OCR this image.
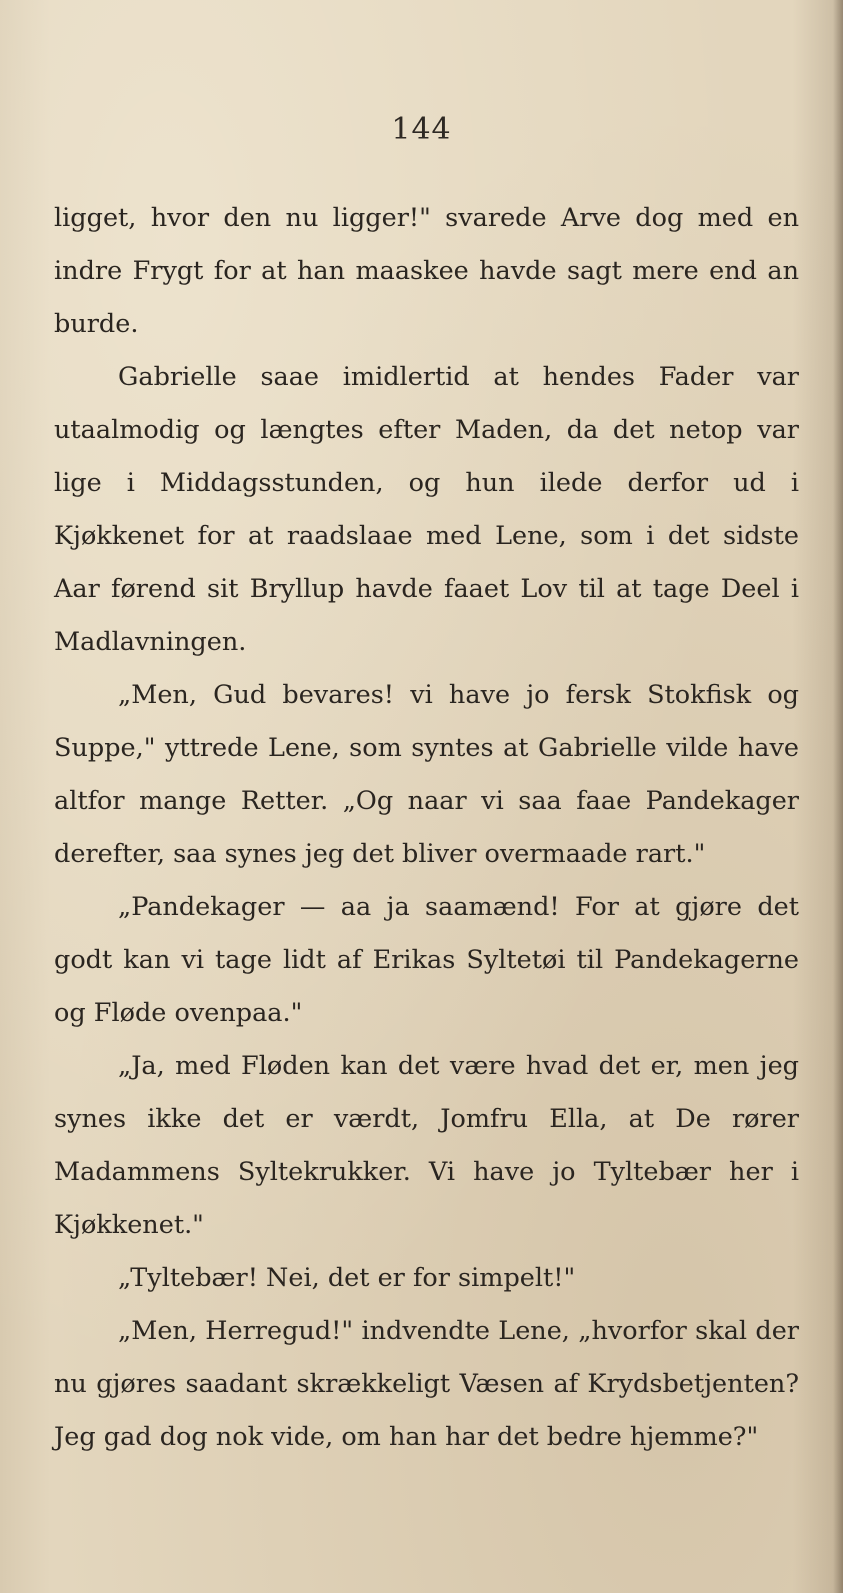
144

ligget, hvor den nu ligger!" svarede Arve dog med en indre Frygt for at han maaskee havde sagt mere end an burde.

Gabrielle saae imidlertid at hendes Fader var utaalmodig og længtes efter Maden, da det netop var lige i Middagsstunden, og hun ilede derfor ud i Kjøkkenet for at raadslaae med Lene, som i det sidste Aar førend sit Bryllup havde faaet Lov til at tage Deel i Madlavningen.

„Men, Gud bevares! vi have jo fersk Stokfisk og Suppe," yttrede Lene, som syntes at Gabrielle vilde have altfor mange Retter. „Og naar vi saa faae Pandekager derefter, saa synes jeg det bliver overmaade rart."

„Pandekager — aa ja saamænd! For at gjøre det godt kan vi tage lidt af Erikas Syltetøi til Pandekagerne og Flødе ovenpaa."

„Ja, med Fløden kan det være hvad det er, men jeg synes ikke det er værdt, Jomfru Ella, at De rører Madammens Syltekrukker. Vi have jo Tyltebær her i Kjøkkenet."

„Tyltebær! Nei, det er for simpelt!"

„Men, Herregud!" indvendte Lene, „hvorfor skal der nu gjøres saadant skrækkeligt Væsen af Krydsbetjenten? Jeg gad dog nok vide, om han har det bedre hjemme?"
